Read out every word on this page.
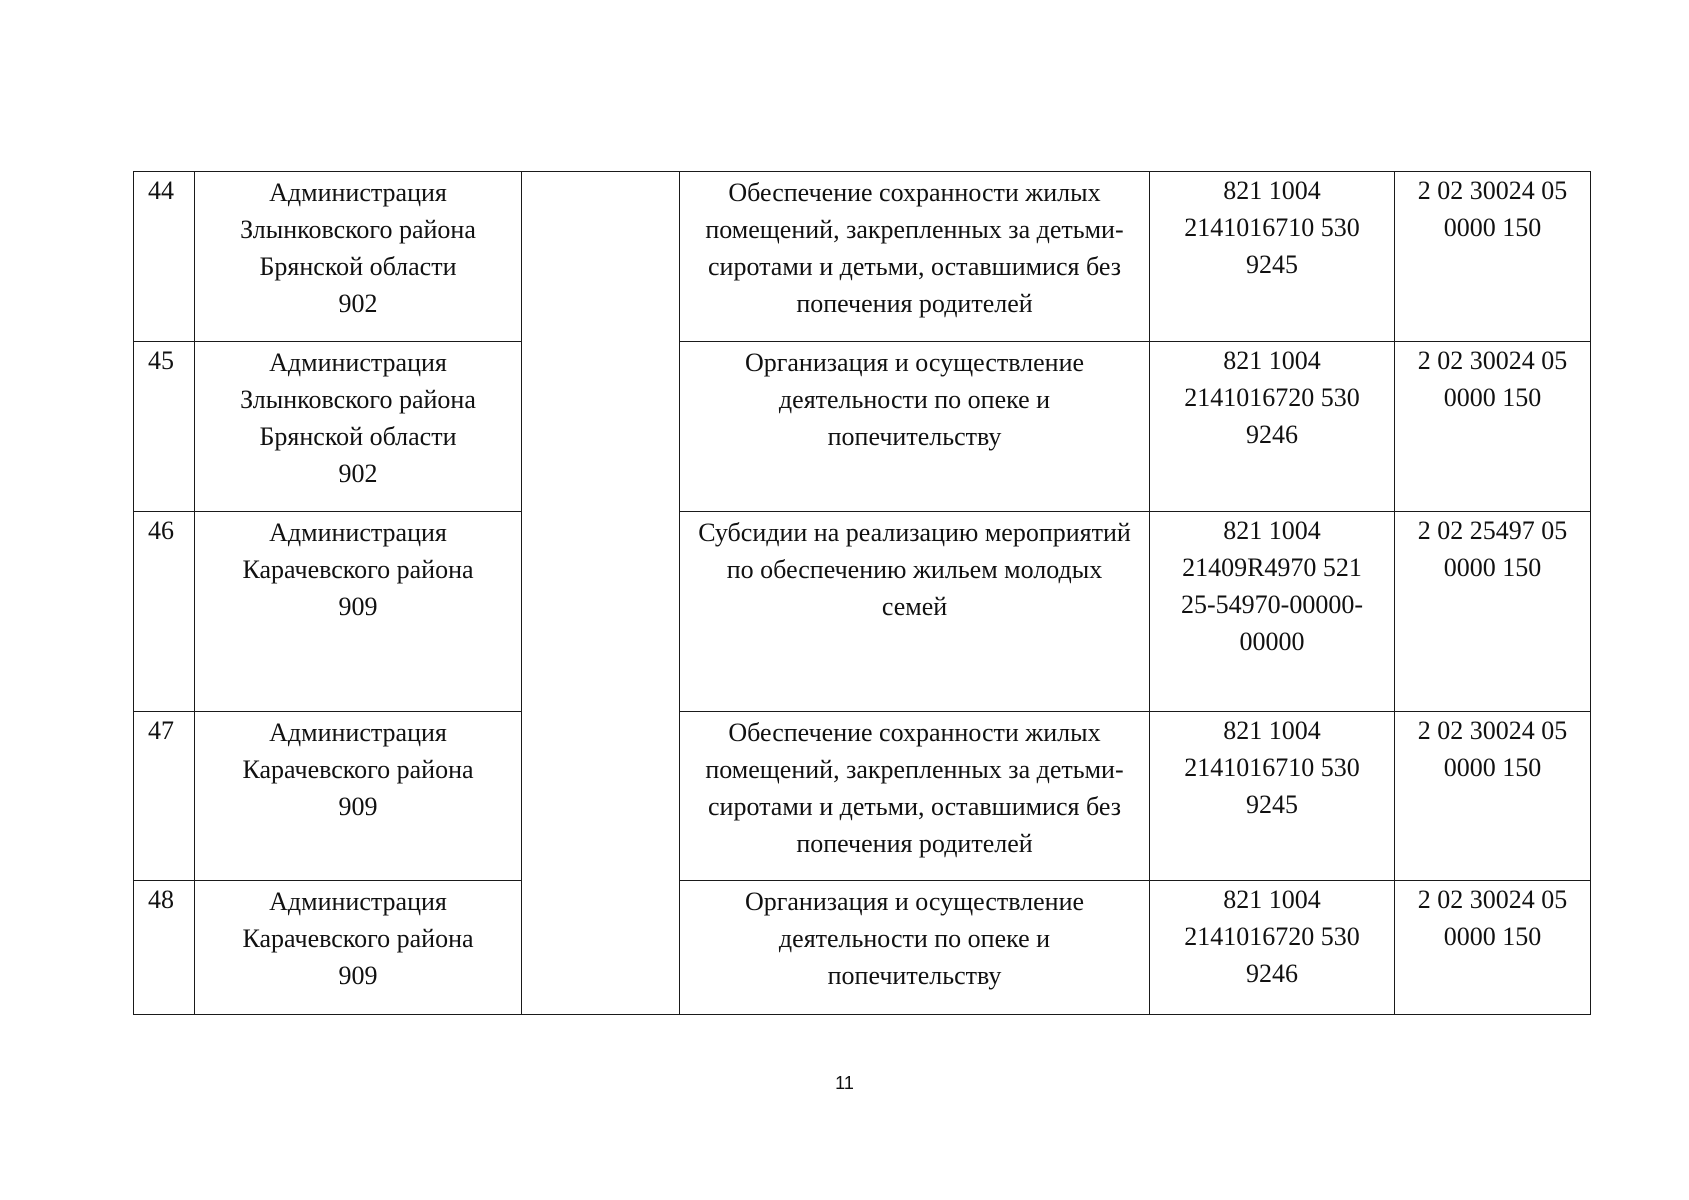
44	Администрация
Злынковского района
Брянской области
902		Обеспечение сохранности жилых
помещений, закрепленных за детьми-
сиротами и детьми, оставшимися без
попечения родителей	821 1004
2141016710 530
9245	2 02 30024 05
0000 150

45	Администрация
Злынковского района
Брянской области
902		Организация и осуществление
деятельности по опеке и
попечительству	821 1004
2141016720 530
9246	2 02 30024 05
0000 150

46	Администрация
Карачевского района
909		Субсидии на реализацию мероприятий
по обеспечению жильем молодых
семей	821 1004
21409R4970 521
25-54970-00000-
00000	2 02 25497 05
0000 150

47	Администрация
Карачевского района
909		Обеспечение сохранности жилых
помещений, закрепленных за детьми-
сиротами и детьми, оставшимися без
попечения родителей	821 1004
2141016710 530
9245	2 02 30024 05
0000 150

48	Администрация
Карачевского района
909		Организация и осуществление
деятельности по опеке и
попечительству	821 1004
2141016720 530
9246	2 02 30024 05
0000 150
11
